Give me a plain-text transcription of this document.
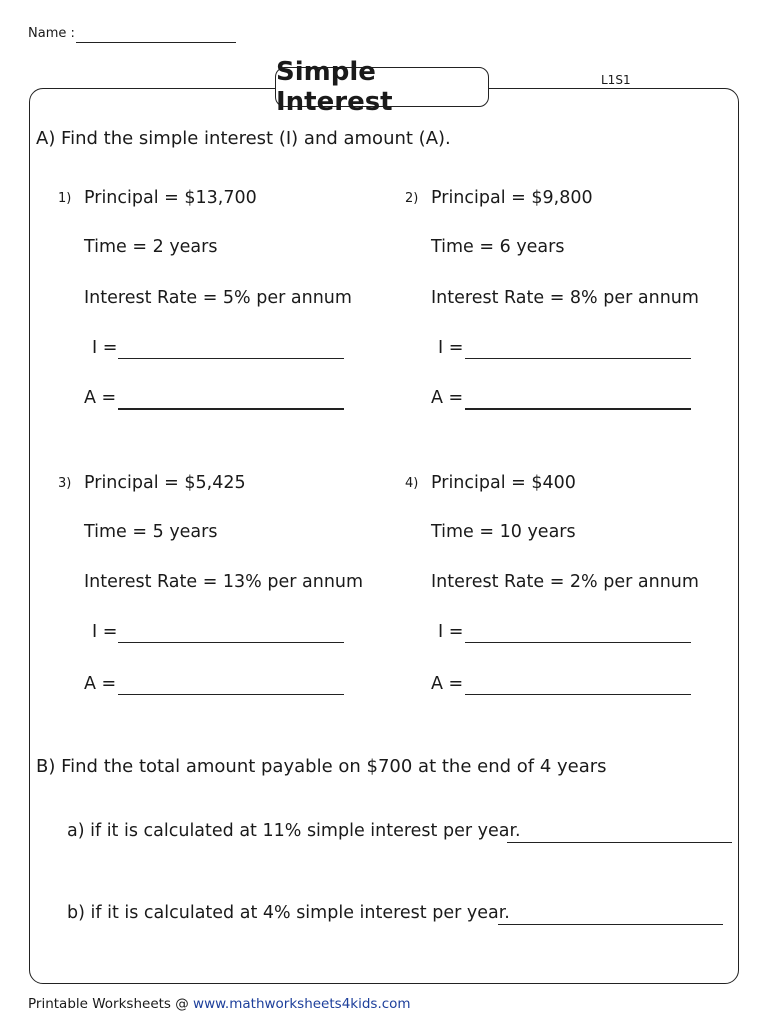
Name :
L1S1
Simple Interest
A) Find the simple interest (I) and amount (A).
1) Principal = $13,700
Time = 2 years
Interest Rate = 5% per annum
I =
A =
2) Principal = $9,800
Time = 6 years
Interest Rate = 8% per annum
I =
A =
3) Principal = $5,425
Time = 5 years
Interest Rate = 13% per annum
I =
A =
4) Principal = $400
Time = 10 years
Interest Rate = 2% per annum
I =
A =
B) Find the total amount payable on $700 at the end of 4 years
a) if it is calculated at 11% simple interest per year.
b) if it is calculated at 4% simple interest per year.
Printable Worksheets @ www.mathworksheets4kids.com
